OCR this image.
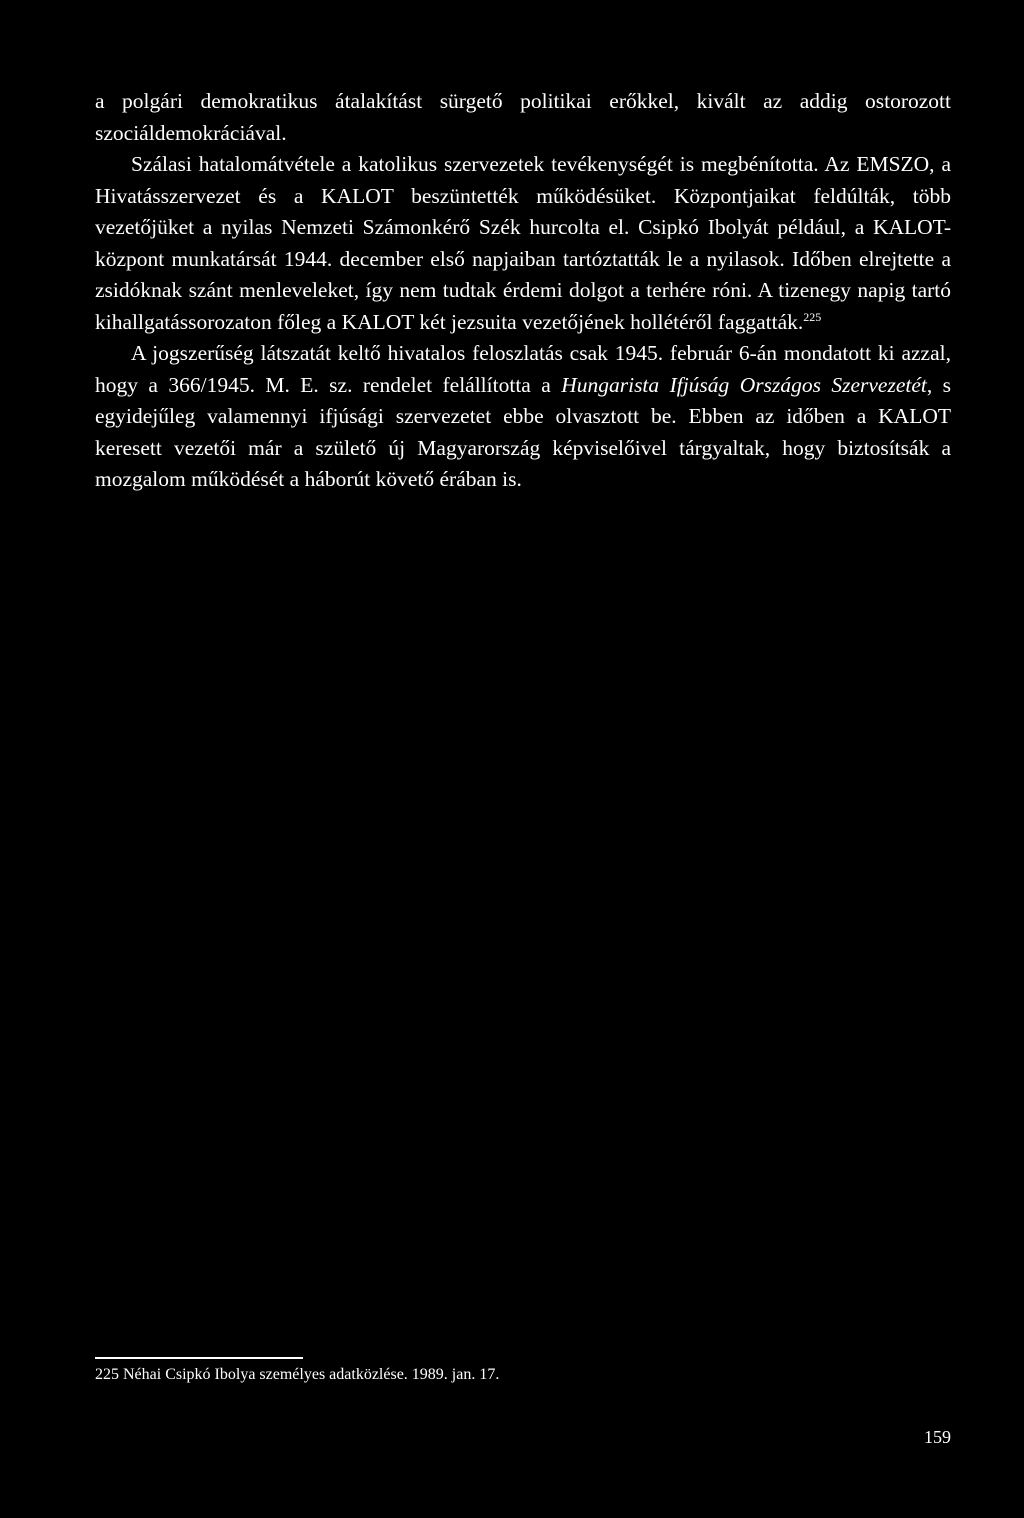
a polgári demokratikus átalakítást sürgető politikai erőkkel, kivált az addig ostorozott szociáldemokráciával.

Szálasi hatalomátvétele a katolikus szervezetek tevékenységét is megbénította. Az EMSZO, a Hivatásszervezet és a KALOT beszüntették működésüket. Központjaikat feldúlták, több vezetőjüket a nyilas Nemzeti Számonkérő Szék hurcolta el. Csipkó Ibolyát például, a KALOT-központ munkatársát 1944. december első napjaiban tartóztatták le a nyilasok. Időben elrejtette a zsidóknak szánt menleveleket, így nem tudtak érdemi dolgot a terhére róni. A tizenegy napig tartó kihallgatássorozaton főleg a KALOT két jezsuita vezetőjének hollétéről faggatták.$^{225}$

A jogszerűség látszatát keltő hivatalos feloszlatás csak 1945. február 6-án mondatott ki azzal, hogy a 366/1945. M. E. sz. rendelet felállította a Hungarista Ifjúság Országos Szervezetét, s egyidejűleg valamennyi ifjúsági szervezetet ebbe olvasztott be. Ebben az időben a KALOT keresett vezetői már a születő új Magyarország képviselőivel tárgyaltak, hogy biztosítsák a mozgalom működését a háborút követő érában is.

225 Néhai Csipkó Ibolya személyes adatközlése. 1989. jan. 17.

159
